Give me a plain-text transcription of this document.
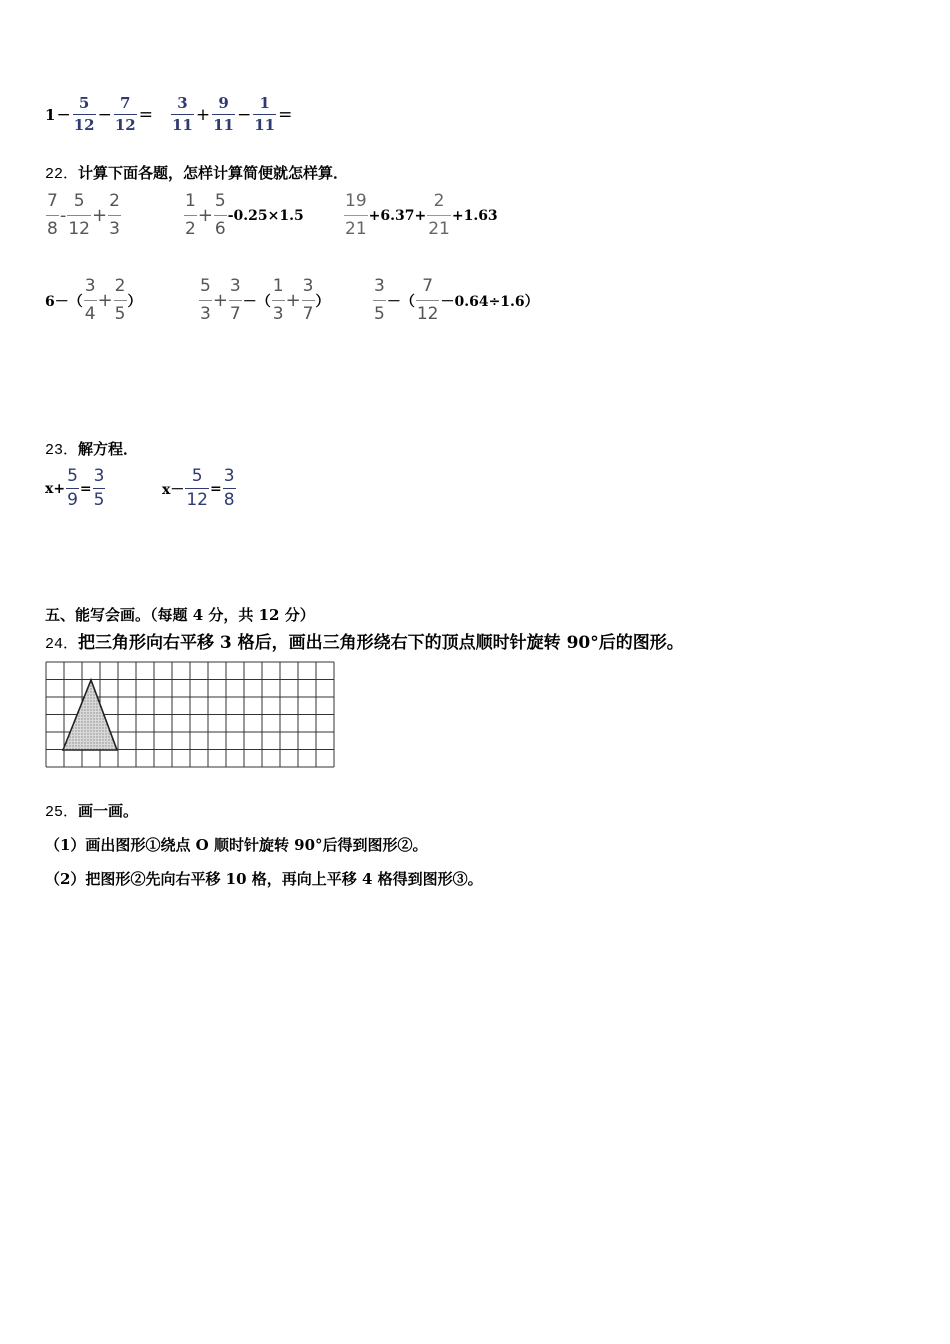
$1 - \frac{5}{12} - \frac{7}{12} = \frac{3}{11} + \frac{9}{11} - \frac{1}{11}$ =
22．计算下面各题，怎样计算简便就怎样算．
$\frac{7}{8} - \frac{5}{12} + \frac{2}{3}$	$\frac{1}{2} + \frac{5}{6} -0.25\times 1.5 \frac{19}{21} +6.37+ \frac{2}{21} +1.63$
$6-( \frac{3}{4} + \frac{2}{5}$ ）	$\frac{5}{3} + \frac{3}{7}$ －（ $\frac{1}{3} + \frac{3}{7}$ ）	$\frac{3}{5}$ －（ $\frac{7}{12} -0.64\div 1.6$）
23．解方程．
$x+ \frac{5}{9} = \frac{3}{5}$	$x- \frac{5}{12} = \frac{3}{8}$
五、能写会画。（每题 4 分，共 12 分）
24．把三角形向右平移 3 格后，画出三角形绕右下的顶点顺时针旋转 90°后的图形。
25．画一画。
（1）画出图形①绕点 O 顺时针旋转 90°后得到图形②。
（2）把图形②先向右平移 10 格，再向上平移 4 格得到图形③。
